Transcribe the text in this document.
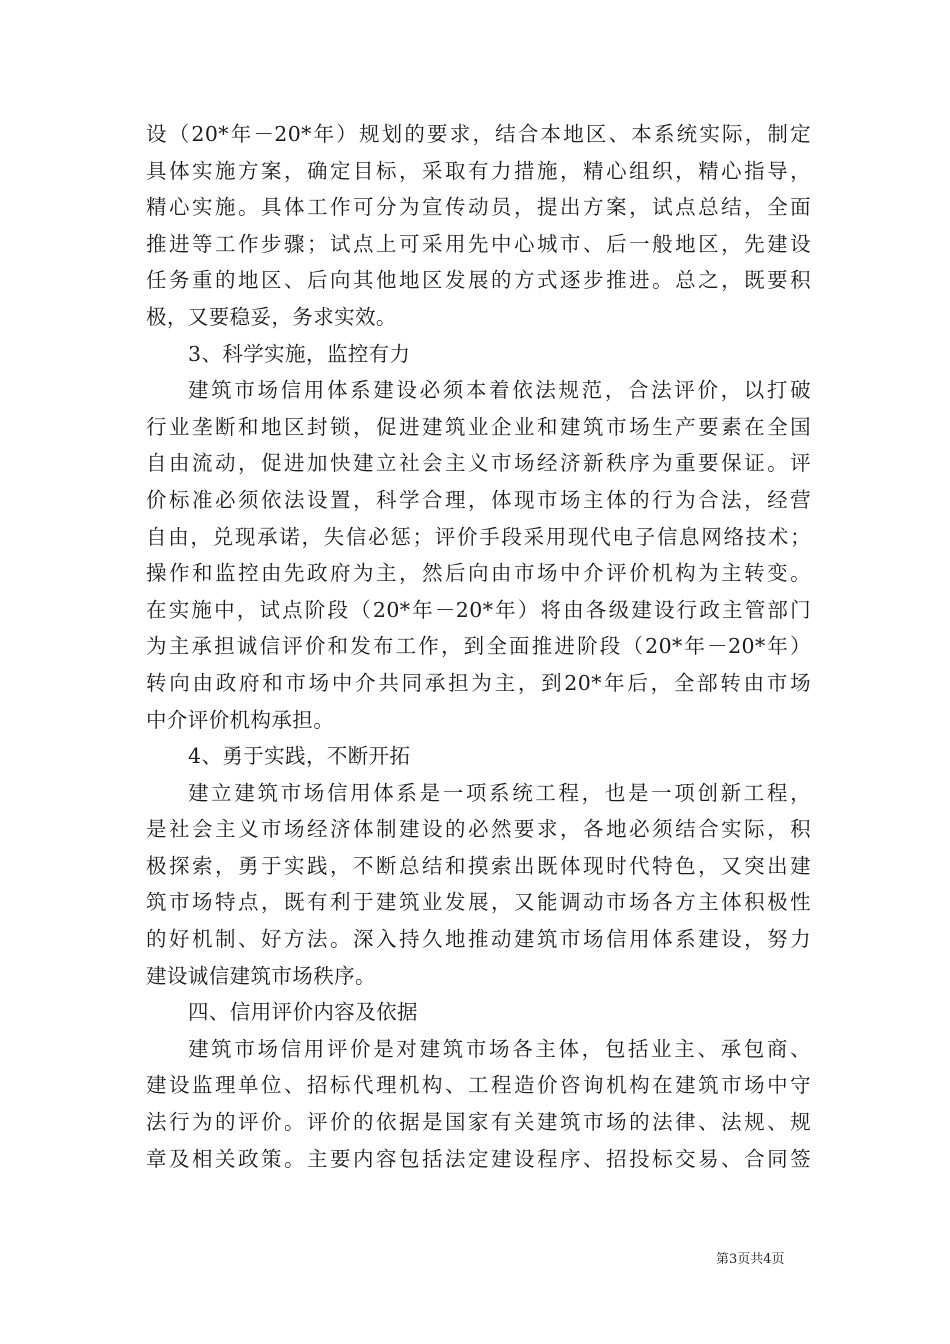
设（20*年－20*年）规划的要求，结合本地区、本系统实际，制定
具体实施方案，确定目标，采取有力措施，精心组织，精心指导，
精心实施。具体工作可分为宣传动员，提出方案，试点总结，全面
推进等工作步骤；试点上可采用先中心城市、后一般地区，先建设
任务重的地区、后向其他地区发展的方式逐步推进。总之，既要积
极，又要稳妥，务求实效。
3、科学实施，监控有力
建筑市场信用体系建设必须本着依法规范，合法评价，以打破
行业垄断和地区封锁，促进建筑业企业和建筑市场生产要素在全国
自由流动，促进加快建立社会主义市场经济新秩序为重要保证。评
价标准必须依法设置，科学合理，体现市场主体的行为合法，经营
自由，兑现承诺，失信必惩；评价手段采用现代电子信息网络技术；
操作和监控由先政府为主，然后向由市场中介评价机构为主转变。
在实施中，试点阶段（20*年－20*年）将由各级建设行政主管部门
为主承担诚信评价和发布工作，到全面推进阶段（20*年－20*年）
转向由政府和市场中介共同承担为主，到20*年后，全部转由市场
中介评价机构承担。
4、勇于实践，不断开拓
建立建筑市场信用体系是一项系统工程，也是一项创新工程，
是社会主义市场经济体制建设的必然要求，各地必须结合实际，积
极探索，勇于实践，不断总结和摸索出既体现时代特色，又突出建
筑市场特点，既有利于建筑业发展，又能调动市场各方主体积极性
的好机制、好方法。深入持久地推动建筑市场信用体系建设，努力
建设诚信建筑市场秩序。
四、信用评价内容及依据
建筑市场信用评价是对建筑市场各主体，包括业主、承包商、
建设监理单位、招标代理机构、工程造价咨询机构在建筑市场中守
法行为的评价。评价的依据是国家有关建筑市场的法律、法规、规
章及相关政策。主要内容包括法定建设程序、招投标交易、合同签
第3页共4页
